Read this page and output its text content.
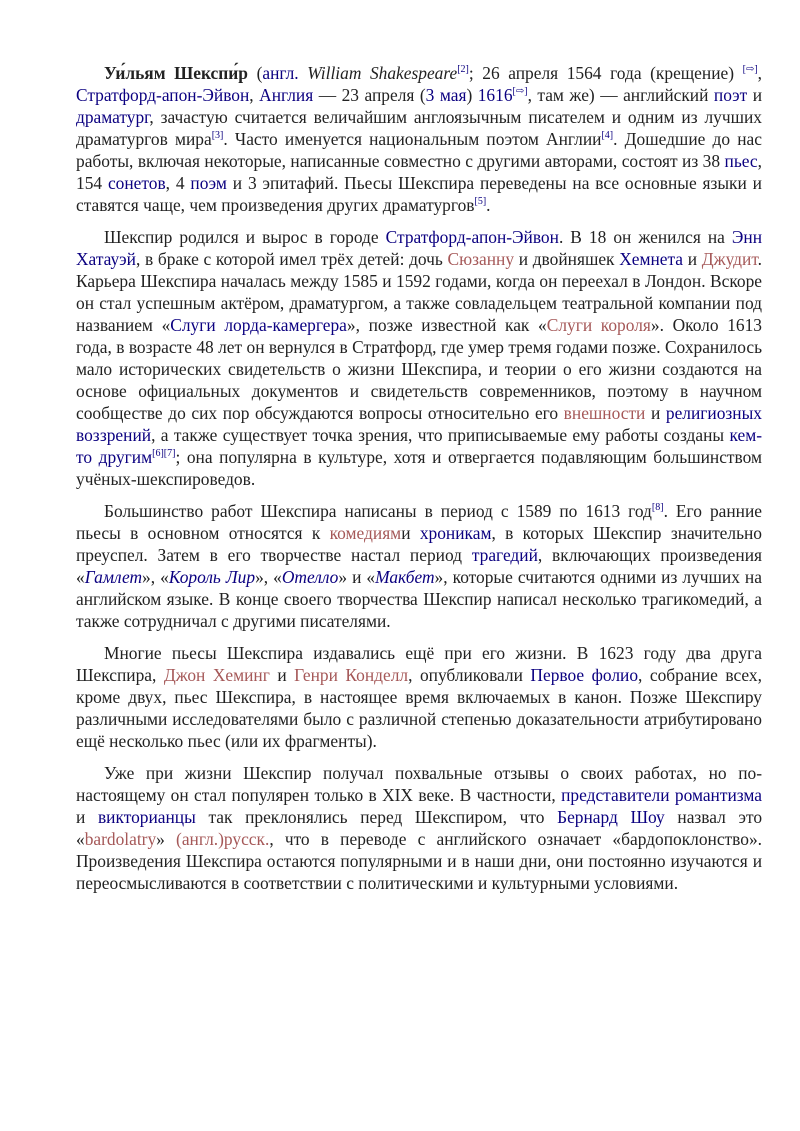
Уи́льям Шекспи́р (англ. William Shakespeare[2]; 26 апреля 1564 года (крещение) [⇨], Стратфорд-апон-Эйвон, Англия — 23 апреля (3 мая) 1616[⇨], там же) — английский поэт и драматург, зачастую считается величайшим англоязычным писателем и одним из лучших драматургов мира[3]. Часто именуется национальным поэтом Англии[4]. Дошедшие до нас работы, включая некоторые, написанные совместно с другими авторами, состоят из 38 пьес, 154 сонетов, 4 поэм и 3 эпитафий. Пьесы Шекспира переведены на все основные языки и ставятся чаще, чем произведения других драматургов[5].

Шекспир родился и вырос в городе Стратфорд-апон-Эйвон. В 18 он женился на Энн Хатауэй, в браке с которой имел трёх детей: дочь Сюзанну и двойняшек Хемнета и Джудит. Карьера Шекспира началась между 1585 и 1592 годами, когда он переехал в Лондон. Вскоре он стал успешным актёром, драматургом, а также совладельцем театральной компании под названием «Слуги лорда-камергера», позже известной как «Слуги короля». Около 1613 года, в возрасте 48 лет он вернулся в Стратфорд, где умер тремя годами позже. Сохранилось мало исторических свидетельств о жизни Шекспира, и теории о его жизни создаются на основе официальных документов и свидетельств современников, поэтому в научном сообществе до сих пор обсуждаются вопросы относительно его внешности и религиозных воззрений, а также существует точка зрения, что приписываемые ему работы созданы кем-то другим[6][7]; она популярна в культуре, хотя и отвергается подавляющим большинством учёных-шекспироведов.

Большинство работ Шекспира написаны в период с 1589 по 1613 год[8]. Его ранние пьесы в основном относятся к комедиями хроникам, в которых Шекспир значительно преуспел. Затем в его творчестве настал период трагедий, включающих произведения «Гамлет», «Король Лир», «Отелло» и «Макбет», которые считаются одними из лучших на английском языке. В конце своего творчества Шекспир написал несколько трагикомедий, а также сотрудничал с другими писателями.

Многие пьесы Шекспира издавались ещё при его жизни. В 1623 году два друга Шекспира, Джон Хеминг и Генри Конделл, опубликовали Первое фолио, собрание всех, кроме двух, пьес Шекспира, в настоящее время включаемых в канон. Позже Шекспиру различными исследователями было с различной степенью доказательности атрибутировано ещё несколько пьес (или их фрагменты).

Уже при жизни Шекспир получал похвальные отзывы о своих работах, но по-настоящему он стал популярен только в XIX веке. В частности, представители романтизма и викторианцы так преклонялись перед Шекспиром, что Бернард Шоу назвал это «bardolatry» (англ.)русск., что в переводе с английского означает «бардопоклонство». Произведения Шекспира остаются популярными и в наши дни, они постоянно изучаются и переосмысливаются в соответствии с политическими и культурными условиями.
